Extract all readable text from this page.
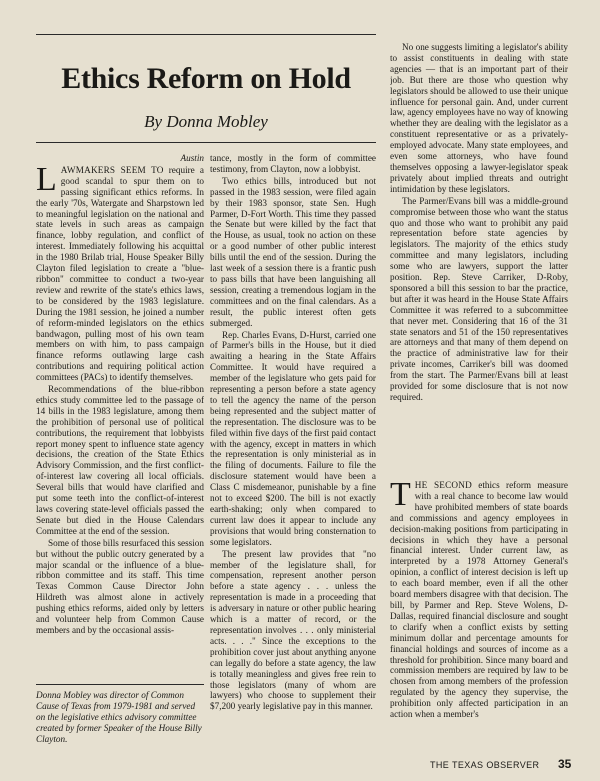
Ethics Reform on Hold
By Donna Mobley
Austin

LAWMAKERS SEEM TO require a good scandal to spur them on to passing significant ethics reforms. In the early '70s, Watergate and Sharpstown led to meaningful legislation on the national and state levels in such areas as campaign finance, lobby regulation, and conflict of interest. Immediately following his acquittal in the 1980 Brilab trial, House Speaker Billy Clayton filed legislation to create a "blue-ribbon" committee to conduct a two-year review and rewrite of the state's ethics laws, to be considered by the 1983 legislature. During the 1981 session, he joined a number of reform-minded legislators on the ethics bandwagon, pulling most of his own team members on with him, to pass campaign finance reforms outlawing large cash contributions and requiring political action committees (PACs) to identify themselves.

Recommendations of the blue-ribbon ethics study committee led to the passage of 14 bills in the 1983 legislature, among them the prohibition of personal use of political contributions, the requirement that lobbyists report money spent to influence state agency decisions, the creation of the State Ethics Advisory Commission, and the first conflict-of-interest law covering all local officials. Several bills that would have clarified and put some teeth into the conflict-of-interest laws covering state-level officials passed the Senate but died in the House Calendars Committee at the end of the session.

Some of those bills resurfaced this session but without the public outcry generated by a major scandal or the influence of a blue-ribbon committee and its staff. This time Texas Common Cause Director John Hildreth was almost alone in actively pushing ethics reforms, aided only by letters and volunteer help from Common Cause members and by the occasional assis-

Donna Mobley was director of Common Cause of Texas from 1979-1981 and served on the legislative ethics advisory committee created by former Speaker of the House Billy Clayton.

tance, mostly in the form of committee testimony, from Clayton, now a lobbyist.

Two ethics bills, introduced but not passed in the 1983 session, were filed again by their 1983 sponsor, state Sen. Hugh Parmer, D-Fort Worth. This time they passed the Senate but were killed by the fact that the House, as usual, took no action on these or a good number of other public interest bills until the end of the session. During the last week of a session there is a frantic push to pass bills that have been languishing all session, creating a tremendous logjam in the committees and on the final calendars. As a result, the public interest often gets submerged.

Rep. Charles Evans, D-Hurst, carried one of Parmer's bills in the House, but it died awaiting a hearing in the State Affairs Committee. It would have required a member of the legislature who gets paid for representing a person before a state agency to tell the agency the name of the person being represented and the subject matter of the representation. The disclosure was to be filed within five days of the first paid contact with the agency, except in matters in which the representation is only ministerial as in the filing of documents. Failure to file the disclosure statement would have been a Class C misdemeanor, punishable by a fine not to exceed $200. The bill is not exactly earth-shaking; only when compared to current law does it appear to include any provisions that would bring consternation to some legislators.

The present law provides that "no member of the legislature shall, for compensation, represent another person before a state agency . . . unless the representation is made in a proceeding that is adversary in nature or other public hearing which is a matter of record, or the representation involves . . . only ministerial acts. . . ." Since the exceptions to the prohibition cover just about anything anyone can legally do before a state agency, the law is totally meaningless and gives free rein to those legislators (many of whom are lawyers) who choose to supplement their $7,200 yearly legislative pay in this manner.

No one suggests limiting a legislator's ability to assist constituents in dealing with state agencies — that is an important part of their job. But there are those who question why legislators should be allowed to use their unique influence for personal gain. And, under current law, agency employees have no way of knowing whether they are dealing with the legislator as a constituent representative or as a privately-employed advocate. Many state employees, and even some attorneys, who have found themselves opposing a lawyer-legislator speak privately about implied threats and outright intimidation by these legislators.

The Parmer/Evans bill was a middle-ground compromise between those who want the status quo and those who want to prohibit any paid representation before state agencies by legislators. The majority of the ethics study committee and many legislators, including some who are lawyers, support the latter position. Rep. Steve Carriker, D-Roby, sponsored a bill this session to bar the practice, but after it was heard in the House State Affairs Committee it was referred to a subcommittee that never met. Considering that 16 of the 31 state senators and 51 of the 150 representatives are attorneys and that many of them depend on the practice of administrative law for their private incomes, Carriker's bill was doomed from the start. The Parmer/Evans bill at least provided for some disclosure that is not now required.

THE SECOND ethics reform measure with a real chance to become law would have prohibited members of state boards and commissions and agency employees in decision-making positions from participating in decisions in which they have a personal financial interest. Under current law, as interpreted by a 1978 Attorney General's opinion, a conflict of interest decision is left up to each board member, even if all the other board members disagree with that decision. The bill, by Parmer and Rep. Steve Wolens, D-Dallas, required financial disclosure and sought to clarify when a conflict exists by setting minimum dollar and percentage amounts for financial holdings and sources of income as a threshold for prohibition. Since many board and commission members are required by law to be chosen from among members of the profession regulated by the agency they supervise, the prohibition only affected participation in an action when a member's

THE TEXAS OBSERVER 35
